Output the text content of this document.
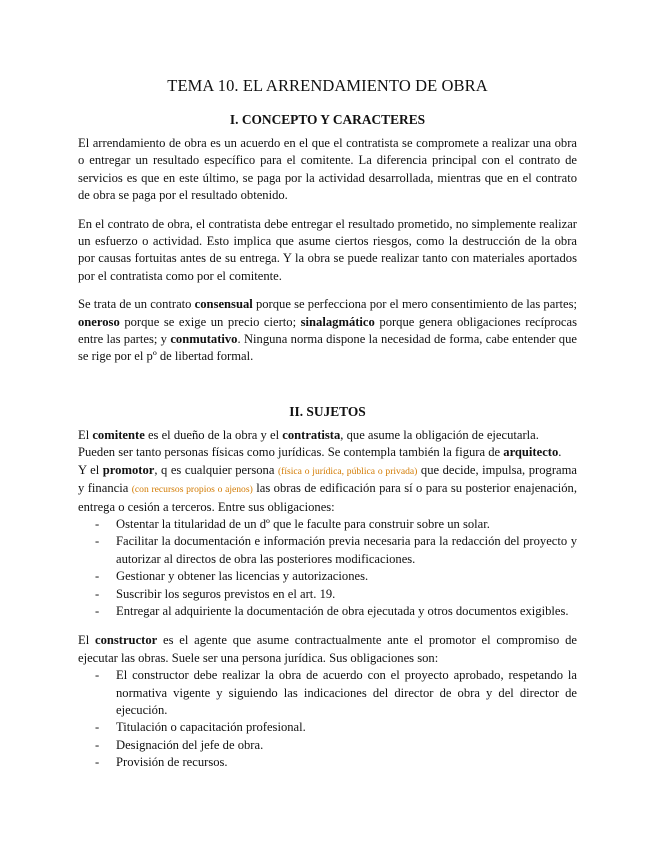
TEMA 10. EL ARRENDAMIENTO DE OBRA
I. CONCEPTO Y CARACTERES

El arrendamiento de obra es un acuerdo en el que el contratista se compromete a realizar una obra o entregar un resultado específico para el comitente. La diferencia principal con el contrato de servicios es que en este último, se paga por la actividad desarrollada, mientras que en el contrato de obra se paga por el resultado obtenido.

En el contrato de obra, el contratista debe entregar el resultado prometido, no simplemente realizar un esfuerzo o actividad. Esto implica que asume ciertos riesgos, como la destrucción de la obra por causas fortuitas antes de su entrega. Y la obra se puede realizar tanto con materiales aportados por el contratista como por el comitente.

Se trata de un contrato consensual porque se perfecciona por el mero consentimiento de las partes; oneroso porque se exige un precio cierto; sinalagmático porque genera obligaciones recíprocas entre las partes; y conmutativo. Ninguna norma dispone la necesidad de forma, cabe entender que se rige por el pº de libertad formal.

II. SUJETOS

El comitente es el dueño de la obra y el contratista, que asume la obligación de ejecutarla.

Pueden ser tanto personas físicas como jurídicas. Se contempla también la figura de arquitecto.

Y el promotor, q es cualquier persona (física o jurídica, pública o privada) que decide, impulsa, programa y financia (con recursos propios o ajenos) las obras de edificación para sí o para su posterior enajenación, entrega o cesión a terceros. Entre sus obligaciones:

- Ostentar la titularidad de un dº que le faculte para construir sobre un solar.
- Facilitar la documentación e información previa necesaria para la redacción del proyecto y autorizar al directos de obra las posteriores modificaciones.
- Gestionar y obtener las licencias y autorizaciones.
- Suscribir los seguros previstos en el art. 19.
- Entregar al adquiriente la documentación de obra ejecutada y otros documentos exigibles.

El constructor es el agente que asume contractualmente ante el promotor el compromiso de ejecutar las obras. Suele ser una persona jurídica. Sus obligaciones son:

- El constructor debe realizar la obra de acuerdo con el proyecto aprobado, respetando la normativa vigente y siguiendo las indicaciones del director de obra y del director de ejecución.
- Titulación o capacitación profesional.
- Designación del jefe de obra.
- Provisión de recursos.
